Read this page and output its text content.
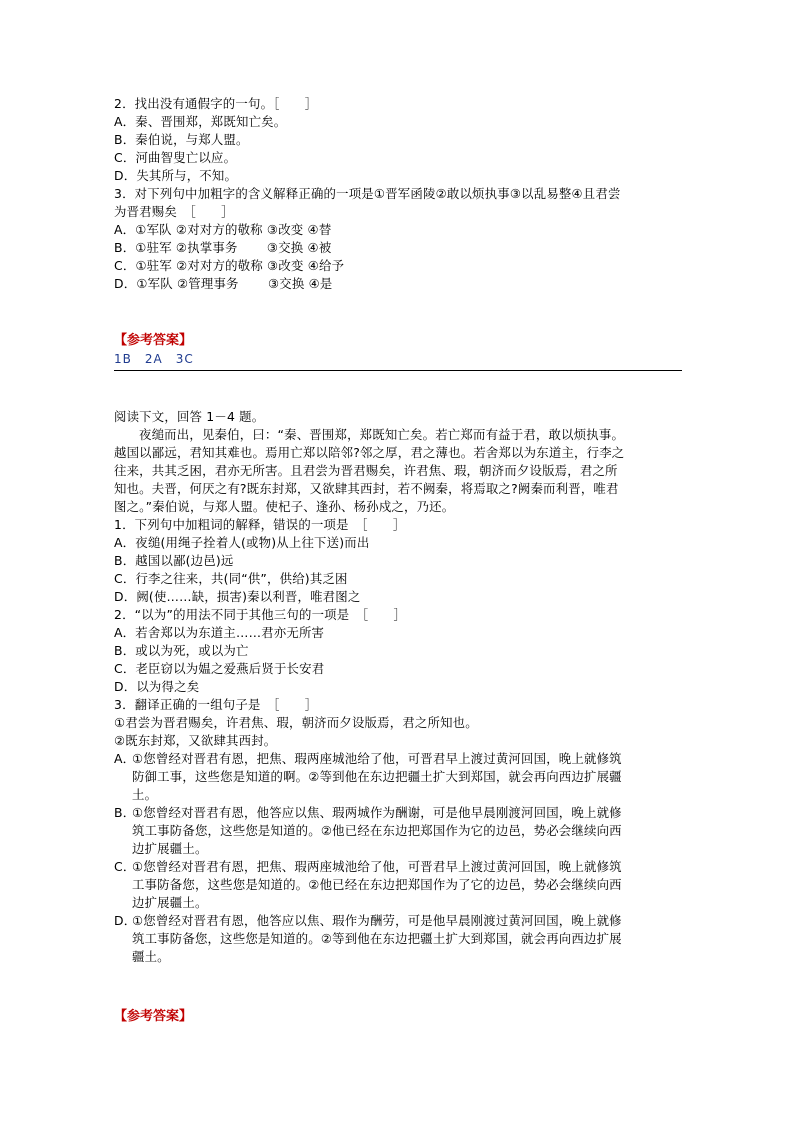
2．找出没有通假字的一句。［　　］
A．秦、晋围郑，郑既知亡矣。
B．秦伯说，与郑人盟。
C．河曲智叟亡以应。
D．失其所与，不知。
3．对下列句中加粗字的含义解释正确的一项是①晋军函陵②敢以烦执事③以乱易整④且君尝
为晋君赐矣　［　　］
A．①军队 ②对对方的敬称 ③改变 ④替
B．①驻军 ②执掌事务　　 ③交换 ④被
C．①驻军 ②对对方的敬称 ③改变 ④给予
D．①军队 ②管理事务　　 ③交换 ④是
【参考答案】
1B　2A　3C
阅读下文，回答 1－4 题。
夜缒而出，见秦伯，曰：“秦、晋围郑，郑既知亡矣。若亡郑而有益于君，敢以烦执事。
越国以鄙远，君知其难也。焉用亡郑以陪邻?邻之厚，君之薄也。若舍郑以为东道主，行李之
往来，共其乏困，君亦无所害。且君尝为晋君赐矣，许君焦、瑕，朝济而夕设版焉，君之所
知也。夫晋，何厌之有?既东封郑，又欲肆其西封，若不阙秦，将焉取之?阙秦而利晋，唯君
图之。”秦伯说，与郑人盟。使杞子、逢孙、杨孙戍之，乃还。
1．下列句中加粗词的解释，错误的一项是　［　　］
A．夜缒(用绳子拴着人(或物)从上往下送)而出
B．越国以鄙(边邑)远
C．行李之往来，共(同“供”，供给)其乏困
D．阙(使……缺，损害)秦以利晋，唯君图之
2．“以为”的用法不同于其他三句的一项是　［　　］
A．若舍郑以为东道主……君亦无所害
B．或以为死，或以为亡
C．老臣窃以为媪之爱燕后贤于长安君
D．以为得之矣
3．翻译正确的一组句子是　［　　］
①君尝为晋君赐矣，许君焦、瑕，朝济而夕设版焉，君之所知也。
②既东封郑，又欲肆其西封。
A．
①您曾经对晋君有恩，把焦、瑕两座城池给了他，可晋君早上渡过黄河回国，晚上就修筑
防御工事，这些您是知道的啊。②等到他在东边把疆土扩大到郑国，就会再向西边扩展疆
土。
B．
①您曾经对晋君有恩，他答应以焦、瑕两城作为酬谢，可是他早晨刚渡河回国，晚上就修
筑工事防备您，这些您是知道的。②他已经在东边把郑国作为它的边邑，势必会继续向西
边扩展疆土。
C．
①您曾经对晋君有恩，把焦、瑕两座城池给了他，可晋君早上渡过黄河回国，晚上就修筑
工事防备您，这些您是知道的。②他已经在东边把郑国作为了它的边邑，势必会继续向西
边扩展疆土。
D．
①您曾经对晋君有恩，他答应以焦、瑕作为酬劳，可是他早晨刚渡过黄河回国，晚上就修
筑工事防备您，这些您是知道的。②等到他在东边把疆土扩大到郑国，就会再向西边扩展
疆土。
【参考答案】
